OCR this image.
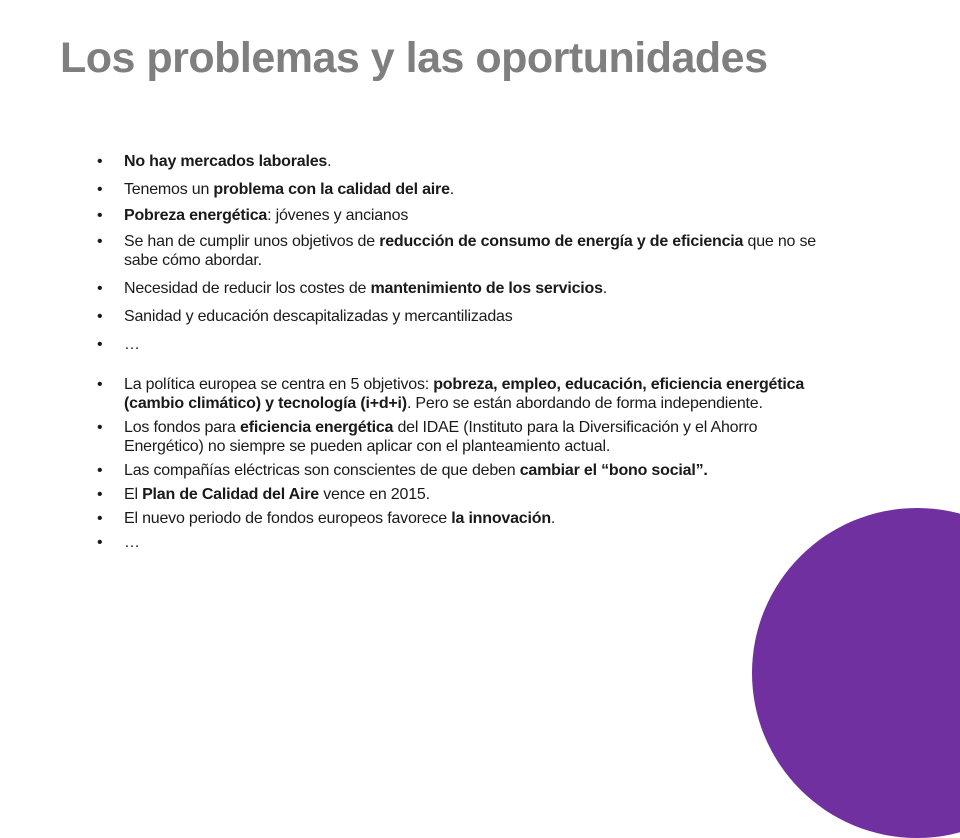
Los problemas y las oportunidades
• No hay mercados laborales.
• Tenemos un problema con la calidad del aire.
• Pobreza energética: jóvenes y ancianos
• Se han de cumplir unos objetivos de reducción de consumo de energía y de eficiencia que no se sabe cómo abordar.
• Necesidad de reducir los costes de mantenimiento de los servicios.
• Sanidad y educación descapitalizadas y mercantilizadas
• …
• La política europea se centra en 5 objetivos: pobreza, empleo, educación, eficiencia energética (cambio climático) y tecnología (i+d+i). Pero se están abordando de forma independiente.
• Los fondos para eficiencia energética del IDAE (Instituto para la Diversificación y el Ahorro Energético) no siempre se pueden aplicar con el planteamiento actual.
• Las compañías eléctricas son conscientes de que deben cambiar el “bono social”.
• El Plan de Calidad del Aire vence en 2015.
• El nuevo periodo de fondos europeos favorece la innovación.
• …
